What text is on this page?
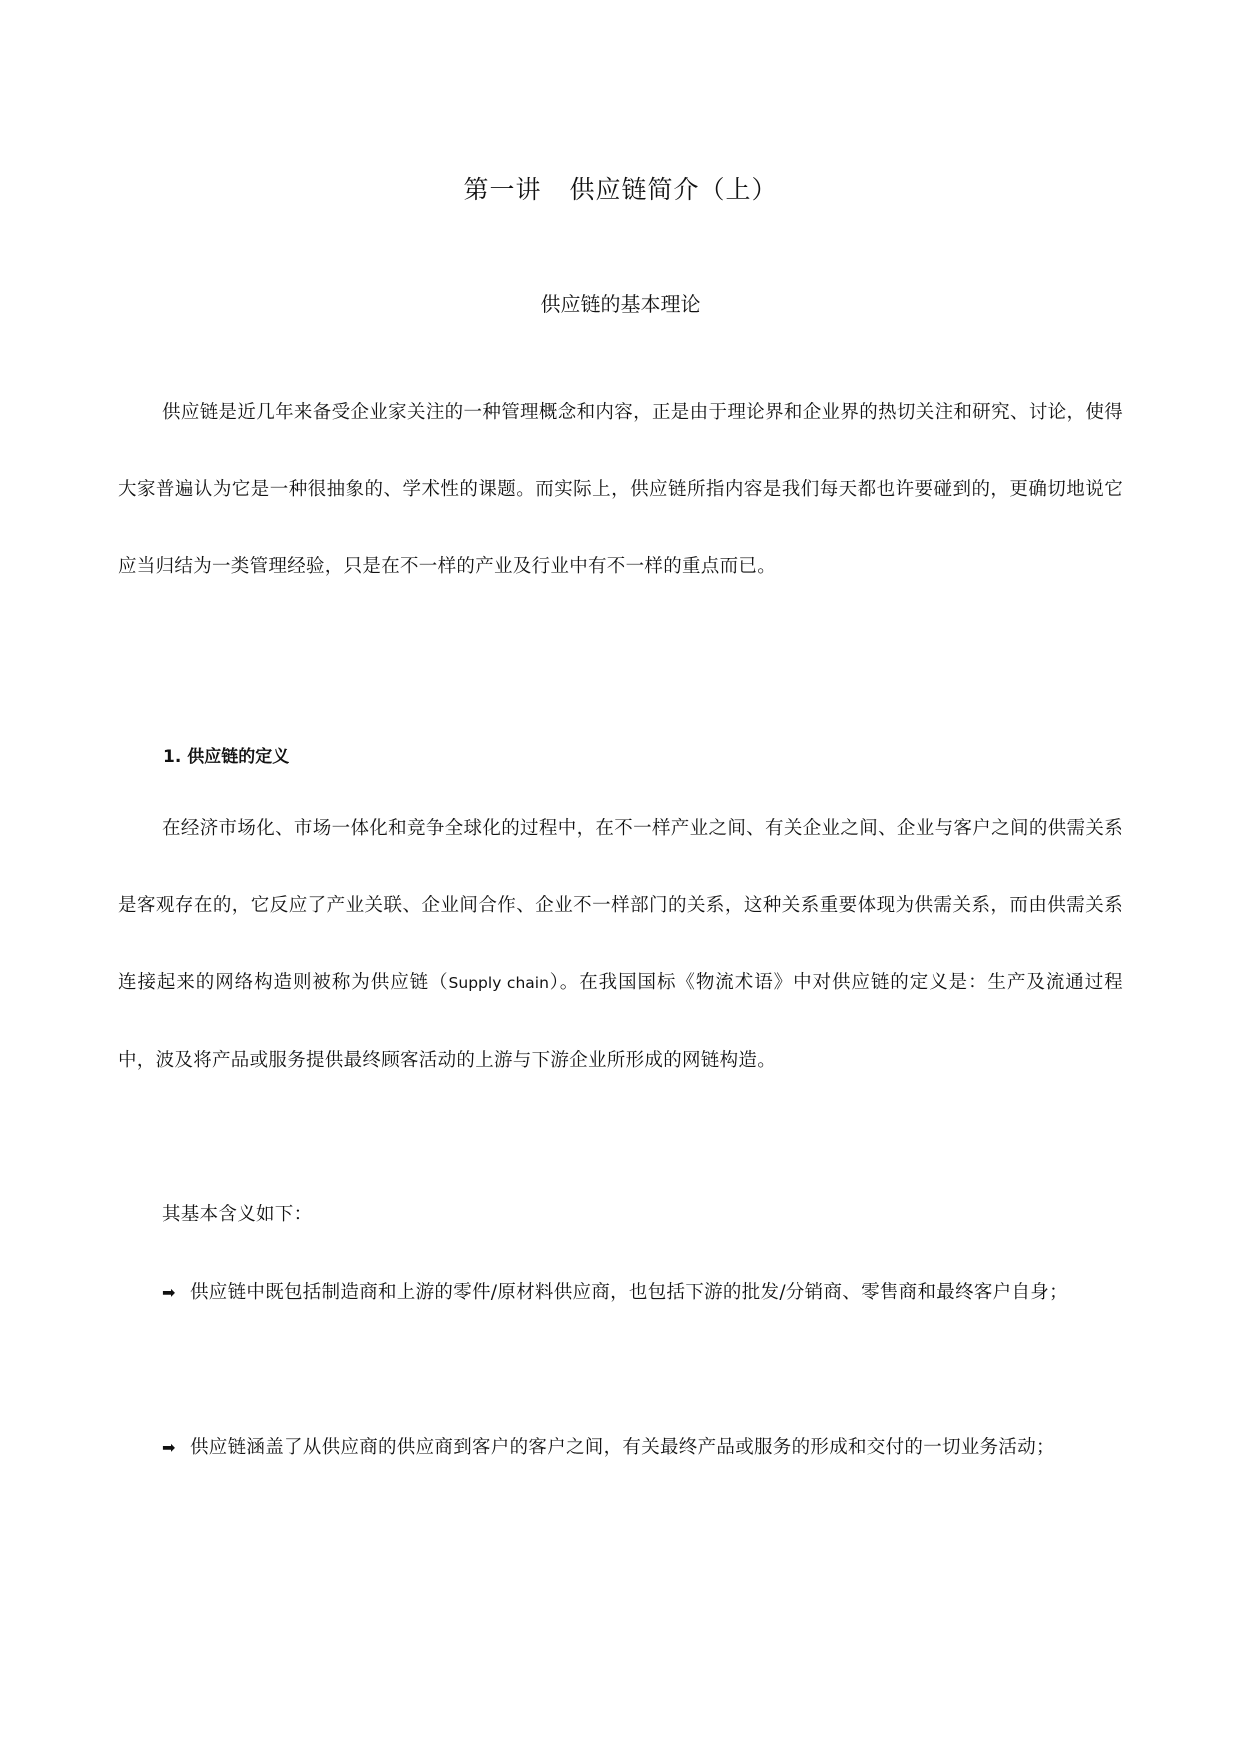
第一讲 供应链简介（上）
供应链的基本理论

供应链是近几年来备受企业家关注的一种管理概念和内容，正是由于理论界和企业界的热切关注和研究、讨论，使得大家普遍认为它是一种很抽象的、学术性的课题。而实际上，供应链所指内容是我们每天都也许要碰到的，更确切地说它应当归结为一类管理经验，只是在不一样的产业及行业中有不一样的重点而已。

1. 供应链的定义

在经济市场化、市场一体化和竞争全球化的过程中，在不一样产业之间、有关企业之间、企业与客户之间的供需关系是客观存在的，它反应了产业关联、企业间合作、企业不一样部门的关系，这种关系重要体现为供需关系，而由供需关系连接起来的网络构造则被称为供应链（Supply chain）。在我国国标《物流术语》中对供应链的定义是：生产及流通过程中，波及将产品或服务提供最终顾客活动的上游与下游企业所形成的网链构造。

其基本含义如下：

➡ 供应链中既包括制造商和上游的零件/原材料供应商，也包括下游的批发/分销商、零售商和最终客户自身；

➡ 供应链涵盖了从供应商的供应商到客户的客户之间，有关最终产品或服务的形成和交付的一切业务活动；
